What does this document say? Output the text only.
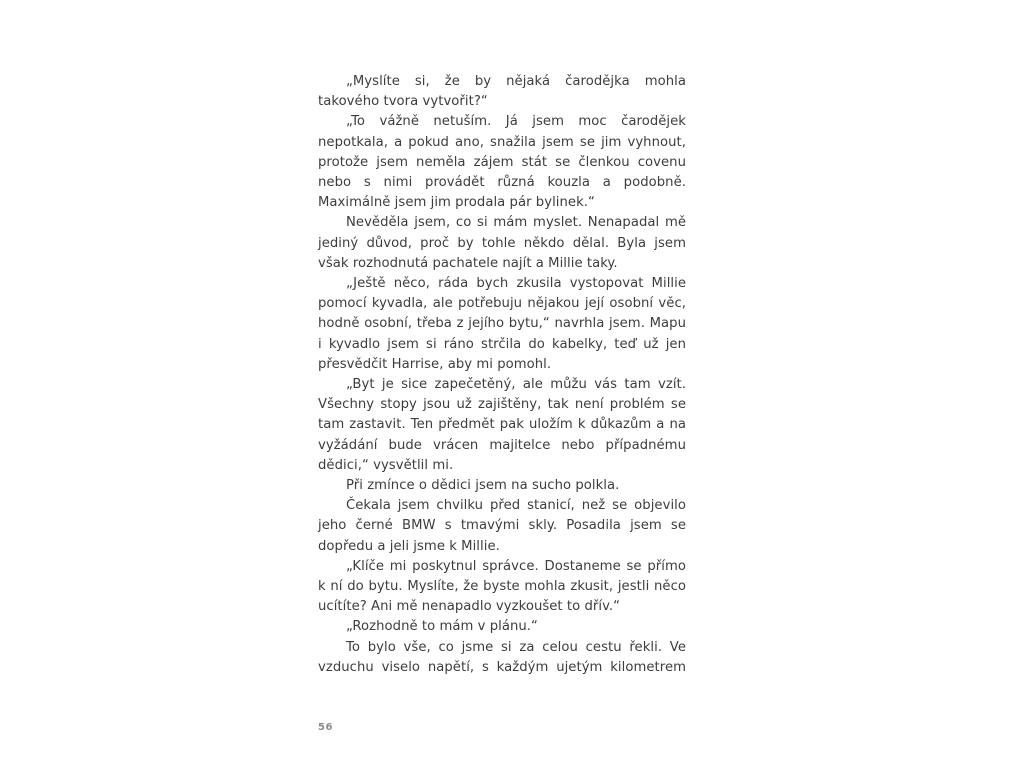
„Myslíte si, že by nějaká čarodějka mohla takového tvora vytvořit?“

„To vážně netuším. Já jsem moc čarodějek nepotkala, a pokud ano, snažila jsem se jim vyhnout, protože jsem neměla zájem stát se členkou covenu nebo s nimi provádět různá kouzla a podobně. Maximálně jsem jim prodala pár bylinek.“

Nevěděla jsem, co si mám myslet. Nenapadal mě jediný důvod, proč by tohle někdo dělal. Byla jsem však rozhodnutá pachatele najít a Millie taky.

„Ještě něco, ráda bych zkusila vystopovat Millie pomocí kyvadla, ale potřebuju nějakou její osobní věc, hodně osobní, třeba z jejího bytu,“ navrhla jsem. Mapu i kyvadlo jsem si ráno strčila do kabelky, teď už jen přesvědčit Harrise, aby mi pomohl.

„Byt je sice zapečetěný, ale můžu vás tam vzít. Všechny stopy jsou už zajištěny, tak není problém se tam zastavit. Ten předmět pak uložím k důkazům a na vyžádání bude vrácen majitelce nebo případnému dědici,“ vysvětlil mi.

Při zmínce o dědici jsem na sucho polkla.

Čekala jsem chvilku před stanicí, než se objevilo jeho černé BMW s tmavými skly. Posadila jsem se dopředu a jeli jsme k Millie.

„Klíče mi poskytnul správce. Dostaneme se přímo k ní do bytu. Myslíte, že byste mohla zkusit, jestli něco ucítíte? Ani mě nenapadlo vyzkoušet to dřív.“

„Rozhodně to mám v plánu.“

To bylo vše, co jsme si za celou cestu řekli. Ve vzduchu viselo napětí, s každým ujetým kilometrem

56
